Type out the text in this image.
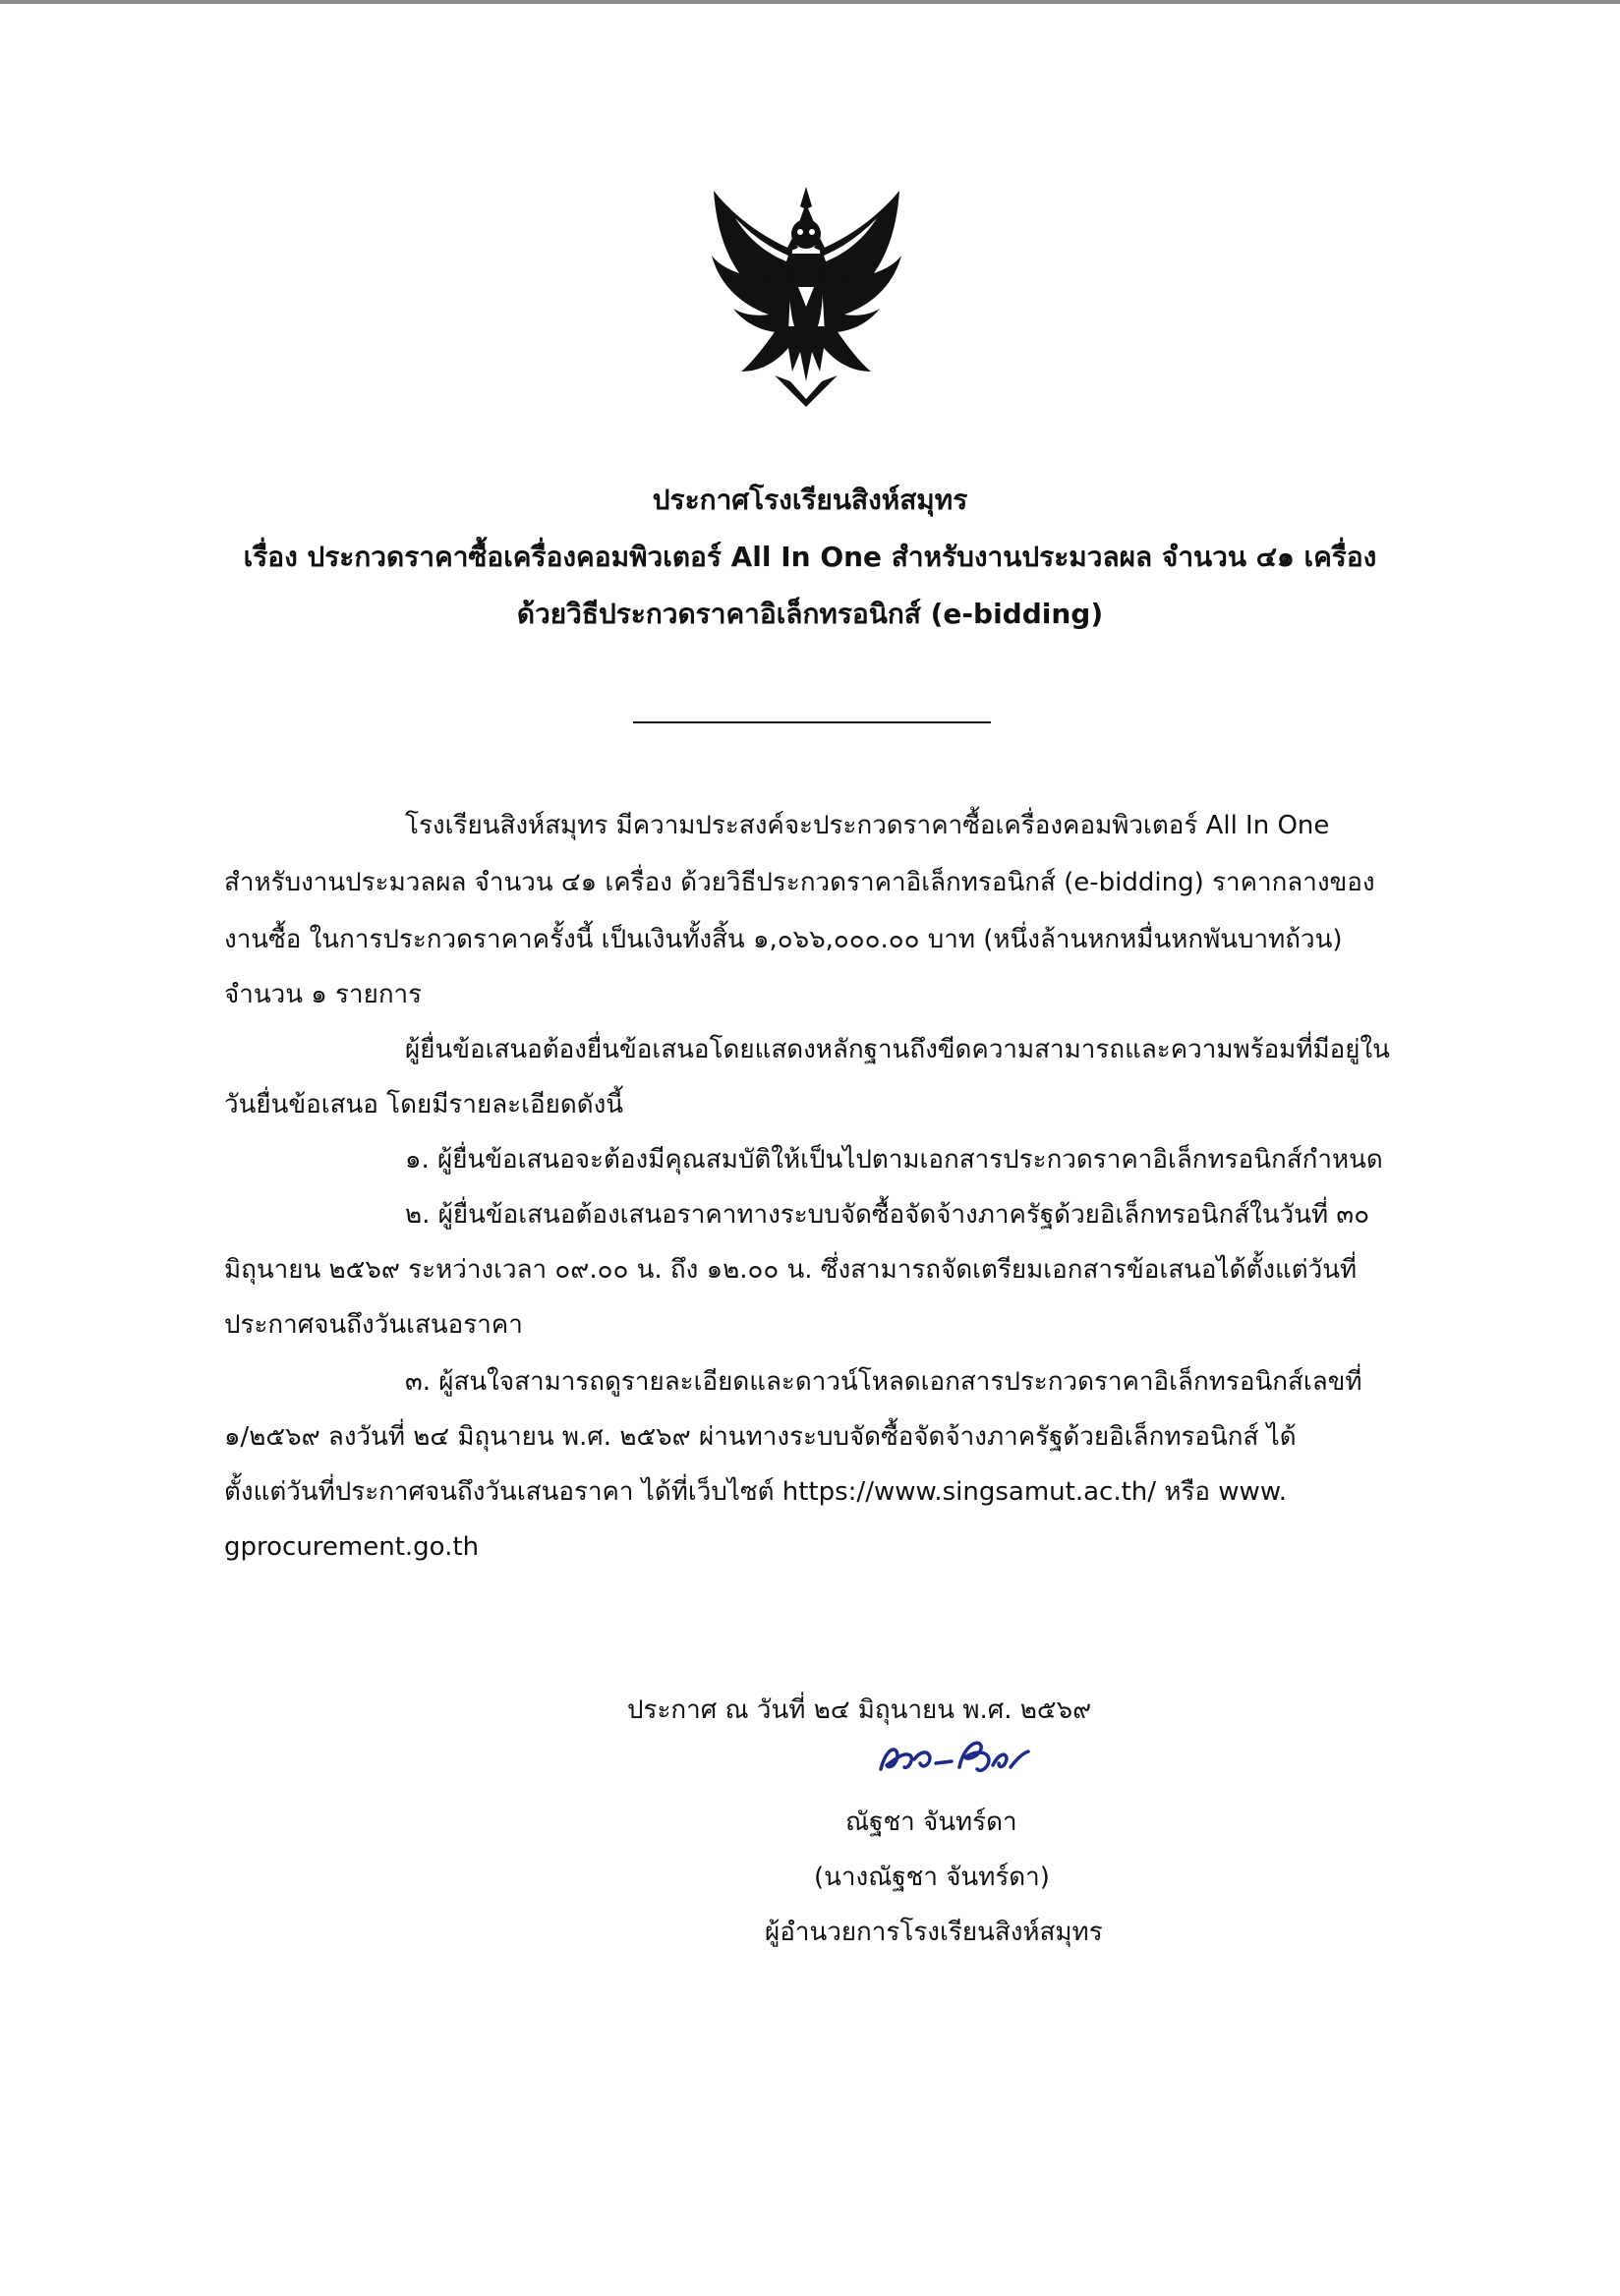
ประกาศโรงเรียนสิงห์สมุทร
เรื่อง ประกวดราคาซื้อเครื่องคอมพิวเตอร์ All In One สำหรับงานประมวลผล จำนวน ๔๑ เครื่อง
ด้วยวิธีประกวดราคาอิเล็กทรอนิกส์ (e-bidding)
โรงเรียนสิงห์สมุทร มีความประสงค์จะประกวดราคาซื้อเครื่องคอมพิวเตอร์ All In One
สำหรับงานประมวลผล จำนวน ๔๑ เครื่อง ด้วยวิธีประกวดราคาอิเล็กทรอนิกส์ (e-bidding) ราคากลางของ
งานซื้อ ในการประกวดราคาครั้งนี้ เป็นเงินทั้งสิ้น ๑,๐๖๖,๐๐๐.๐๐ บาท (หนึ่งล้านหกหมื่นหกพันบาทถ้วน)
จำนวน ๑ รายการ
ผู้ยื่นข้อเสนอต้องยื่นข้อเสนอโดยแสดงหลักฐานถึงขีดความสามารถและความพร้อมที่มีอยู่ใน
วันยื่นข้อเสนอ โดยมีรายละเอียดดังนี้
๑. ผู้ยื่นข้อเสนอจะต้องมีคุณสมบัติให้เป็นไปตามเอกสารประกวดราคาอิเล็กทรอนิกส์กำหนด
๒. ผู้ยื่นข้อเสนอต้องเสนอราคาทางระบบจัดซื้อจัดจ้างภาครัฐด้วยอิเล็กทรอนิกส์ในวันที่ ๓๐
มิถุนายน ๒๕๖๙ ระหว่างเวลา ๐๙.๐๐ น. ถึง ๑๒.๐๐ น. ซึ่งสามารถจัดเตรียมเอกสารข้อเสนอได้ตั้งแต่วันที่
ประกาศจนถึงวันเสนอราคา
๓. ผู้สนใจสามารถดูรายละเอียดและดาวน์โหลดเอกสารประกวดราคาอิเล็กทรอนิกส์เลขที่
๑/๒๕๖๙ ลงวันที่ ๒๔ มิถุนายน พ.ศ. ๒๕๖๙ ผ่านทางระบบจัดซื้อจัดจ้างภาครัฐด้วยอิเล็กทรอนิกส์ ได้
ตั้งแต่วันที่ประกาศจนถึงวันเสนอราคา ได้ที่เว็บไซต์ https://www.singsamut.ac.th/ หรือ www.
gprocurement.go.th
ประกาศ ณ วันที่ ๒๔ มิถุนายน พ.ศ. ๒๕๖๙
ณัฐชา จันทร์ดา
(นางณัฐชา จันทร์ดา)
ผู้อำนวยการโรงเรียนสิงห์สมุทร
